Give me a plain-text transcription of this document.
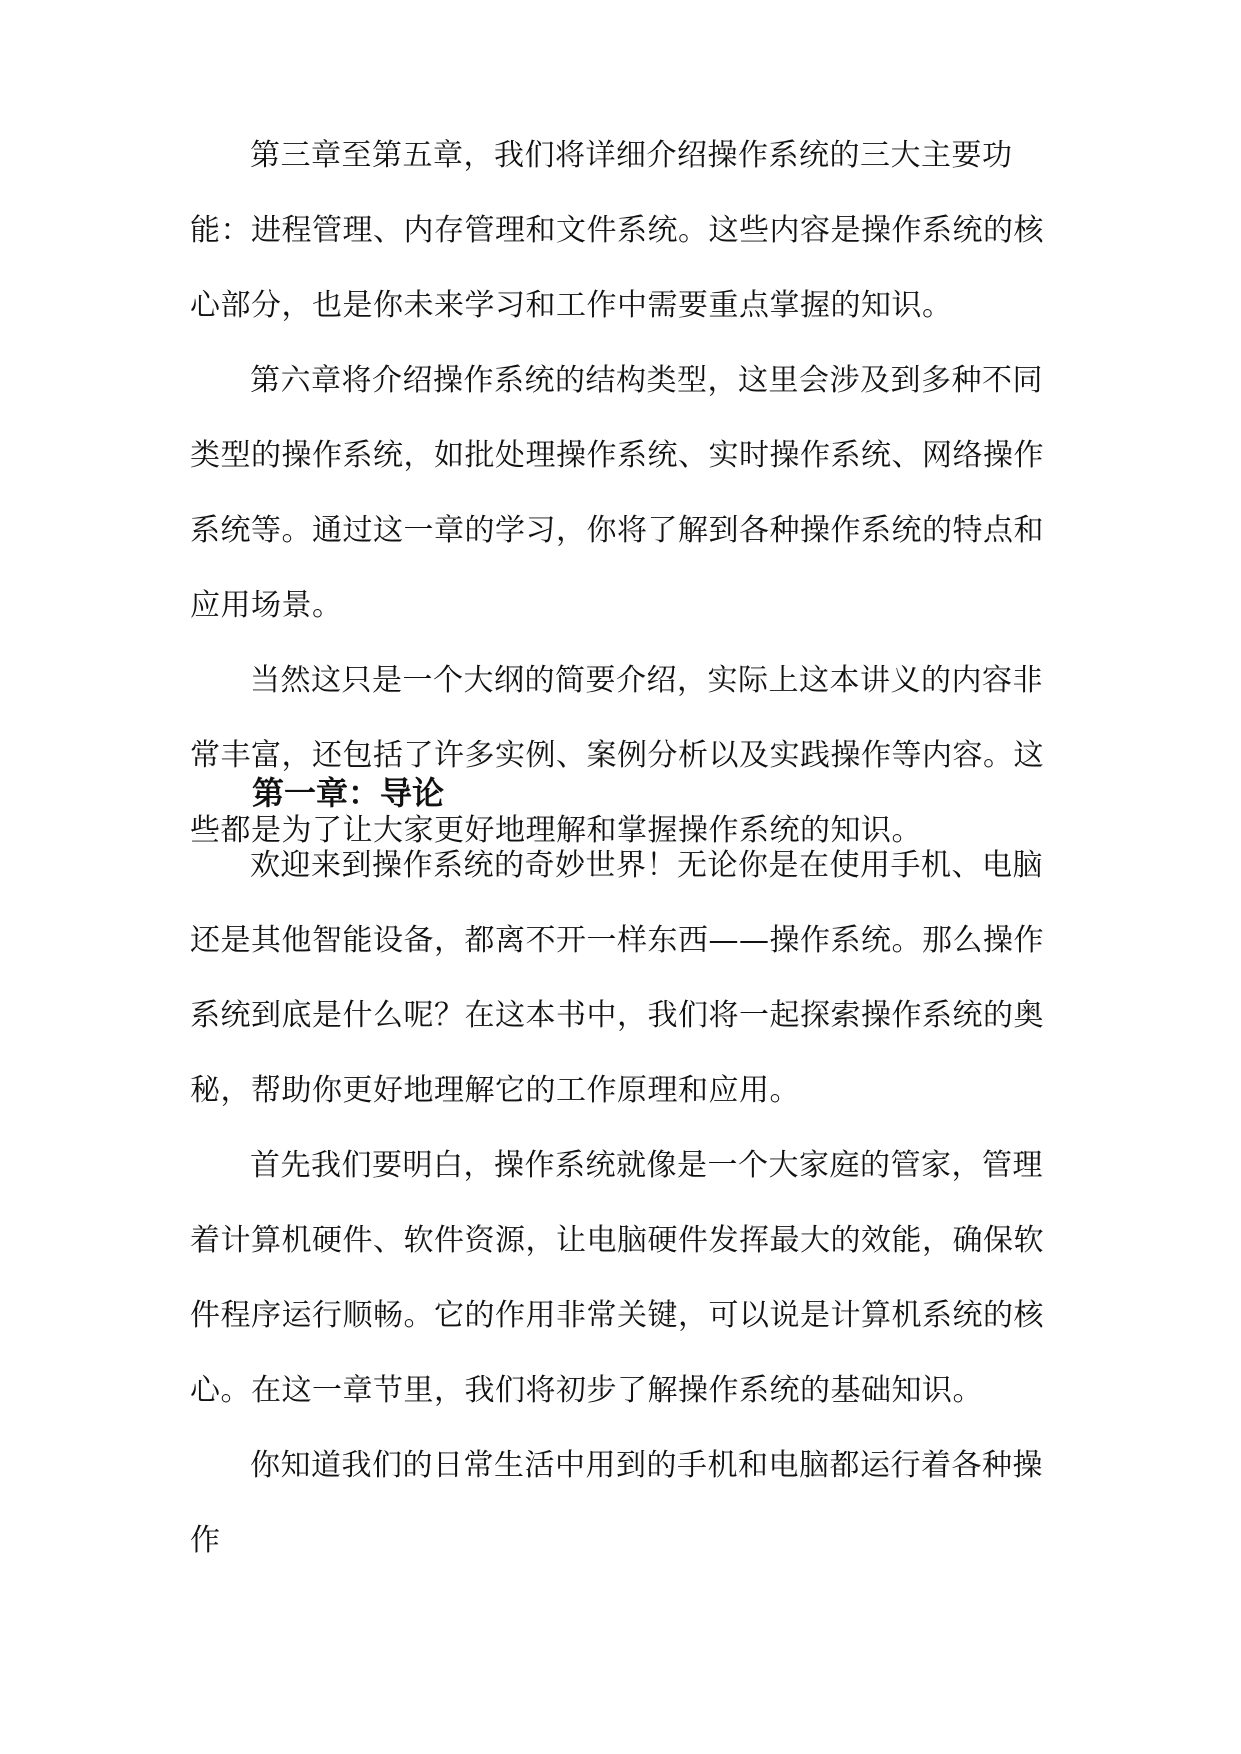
第三章至第五章，我们将详细介绍操作系统的三大主要功能：进程管理、内存管理和文件系统。这些内容是操作系统的核心部分，也是你未来学习和工作中需要重点掌握的知识。

第六章将介绍操作系统的结构类型，这里会涉及到多种不同类型的操作系统，如批处理操作系统、实时操作系统、网络操作系统等。通过这一章的学习，你将了解到各种操作系统的特点和应用场景。

当然这只是一个大纲的简要介绍，实际上这本讲义的内容非常丰富，还包括了许多实例、案例分析以及实践操作等内容。这些都是为了让大家更好地理解和掌握操作系统的知识。

第一章：导论

欢迎来到操作系统的奇妙世界！无论你是在使用手机、电脑还是其他智能设备，都离不开一样东西——操作系统。那么操作系统到底是什么呢？在这本书中，我们将一起探索操作系统的奥秘，帮助你更好地理解它的工作原理和应用。

首先我们要明白，操作系统就像是一个大家庭的管家，管理着计算机硬件、软件资源，让电脑硬件发挥最大的效能，确保软件程序运行顺畅。它的作用非常关键，可以说是计算机系统的核心。在这一章节里，我们将初步了解操作系统的基础知识。

你知道我们的日常生活中用到的手机和电脑都运行着各种操作
